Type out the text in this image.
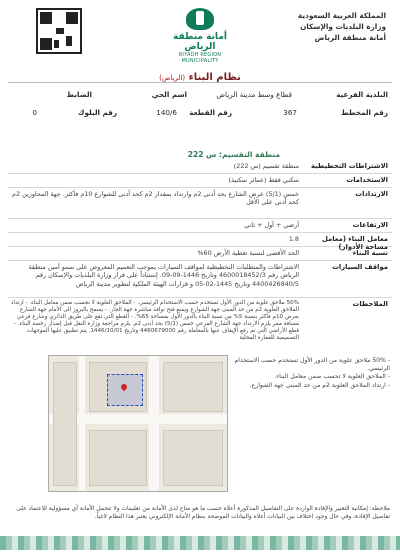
المملكة العربية السعودية
وزارة البلديات والإسكان
أمانة منطقة الرياض
أمانة منطقة الرياض
RIYADH REGION MUNICIPALITY
نظام البناء (الرياض)
البلدية الفرعية
قطاع وسط مدينة الرياض
اسم الحي
الضابط
رقم المخطط
367
رقم القطعة
140/6
رقم البلوك
0
منطقة التقسيم: س 222
الاشتراطات التخطيطية
منطقة تقسيم (س 222)
الاستخدامات
سكني فقط (عمائر سكنية)
الارتدادات
خمس (5/1) عرض الشارع بحد أدنى 2م وارتداد بمقدار 2م كحد أدنى للشوارع 10م فأكثر. جهة المجاورين 2م كحد أدنى على الأقل
الارتفاعات
أرضي + أول + ثاني
معامل البناء (معامل مساحة الأدوار)
1.8
نسبة البناء
الحد الأقصى لنسبة تغطية الأرض 60%
مواقف السيارات
الاشتراطات والمتطلبات التخطيطية لمواقف السيارات بموجب التعميم المعروض على سمو أمين منطقة الرياض رقم 4600018452/3 وتاريخ 1446-09-09. إستناداً على قرار وزارة البلديات والإسكان رقم 4400426840/5 وتاريخ 1445-02-05 و قرارات الهيئة الملكية لتطوير مدينة الرياض
الملاحظات
50% ملاحق علوية من الدور الأول تستخدم حسب الاستخدام الرئيسي. - الملاحق العلوية لا تحسب ضمن معامل البناء. - ارتداد الملاحق العلوية 2م من حد المبنى جهة الشوارع ويمنع فتح نوافذ مباشرة جهة الجار. - يسمح بالبروز الى الأمام جهة الشارع بعرض 10م فأكثر بنسبة 5% من نسبة البناء بالدور الأول بمساحة 65%. - القطع التي تقع على طريق الدائري وشارع فرعي مسافة ممر يلزم الارتداد جهة الشارع الفرعي خمس (5/1) بحد أدنى 2م. يلزم مراجعة وزارة النقل قبل إصدار رخصة البناء. - قطع الأراضي التي تم رفع الإيقاف عنها بالمعاملة رقم 4460679000 وتاريخ 1446/10/01. يتم تطبيق عليها الموجهات التصميمية للعمارة المحلية
- 50% ملاحق علوية من الدور الأول تستخدم حسب الاستخدام الرئيسي.
- الملاحق العلوية لا تحسب ضمن معامل البناء.
- ارتداد الملاحق العلوية 2م من حد المبنى جهة الشوارع.
ملاحظة: إمكانية التعبير والإفادة الواردة على التفاصيل المذكورة أعلاه حسب ما هو متاح لدى الأمانة من تعليمات ولا تتحمل الأمانة أي مسؤولية للاعتماد على تفاصيل الإفادة، وفي حال وجود اختلاف بين البيانات أعلاه والبيانات الموضحة بنظام الأمانة الإلكتروني يعتبر هذا النظام لاغياً.
